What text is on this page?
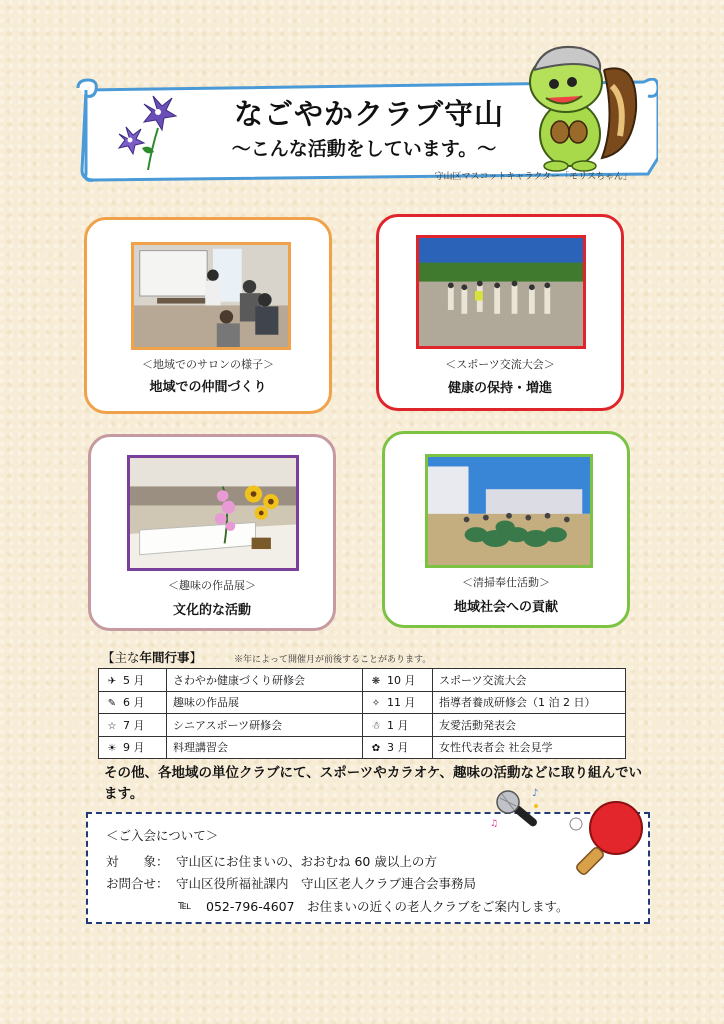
なごやかクラブ守山
～こんな活動をしています。～
守山区マスコットキャラクター「モリスちゃん」
＜地域でのサロンの様子＞
地域での仲間づくり
＜スポーツ交流大会＞
健康の保持・増進
＜趣味の作品展＞
文化的な活動
＜清掃奉仕活動＞
地域社会への貢献
【主な年間行事】	※年によって開催月が前後することがあります。
✈ 5 月	さわやか健康づくり研修会	❋ 10 月	スポーツ交流大会
✎ 6 月	趣味の作品展	✧ 11 月	指導者養成研修会（1 泊 2 日）
☆ 7 月	シニアスポーツ研修会	☃ 1 月	友愛活動発表会
☀ 9 月	料理講習会	✿ 3 月	女性代表者会 社会見学
その他、各地域の単位クラブにて、スポーツやカラオケ、趣味の活動などに取り組んでいます。
＜ご入会について＞
対　　象： 守山区にお住まいの、おおむね 60 歳以上の方
お問合せ： 守山区役所福祉課内　守山区老人クラブ連合会事務局
℡ 052-796-4607　お住まいの近くの老人クラブをご案内します。
♪
♫
